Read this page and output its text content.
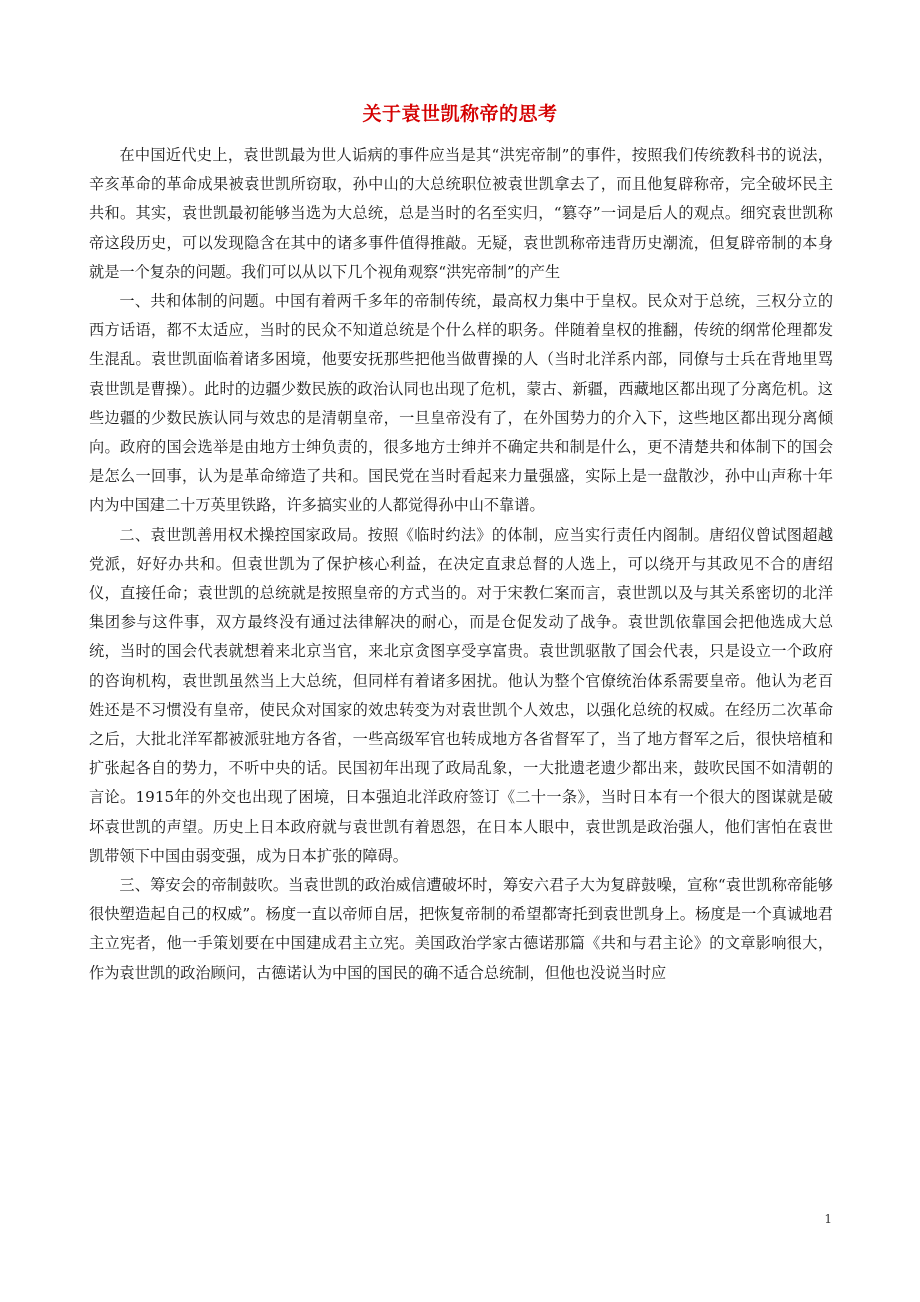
关于袁世凯称帝的思考

在中国近代史上，袁世凯最为世人诟病的事件应当是其“洪宪帝制”的事件，按照我们传统教科书的说法，辛亥革命的革命成果被袁世凯所窃取，孙中山的大总统职位被袁世凯拿去了，而且他复辟称帝，完全破坏民主共和。其实，袁世凯最初能够当选为大总统，总是当时的名至实归，“篡夺”一词是后人的观点。细究袁世凯称帝这段历史，可以发现隐含在其中的诸多事件值得推敲。无疑，袁世凯称帝违背历史潮流，但复辟帝制的本身就是一个复杂的问题。我们可以从以下几个视角观察“洪宪帝制”的产生

一、共和体制的问题。中国有着两千多年的帝制传统，最高权力集中于皇权。民众对于总统，三权分立的西方话语，都不太适应，当时的民众不知道总统是个什么样的职务。伴随着皇权的推翻，传统的纲常伦理都发生混乱。袁世凯面临着诸多困境，他要安抚那些把他当做曹操的人（当时北洋系内部，同僚与士兵在背地里骂袁世凯是曹操）。此时的边疆少数民族的政治认同也出现了危机，蒙古、新疆，西藏地区都出现了分离危机。这些边疆的少数民族认同与效忠的是清朝皇帝，一旦皇帝没有了，在外国势力的介入下，这些地区都出现分离倾向。政府的国会选举是由地方士绅负责的，很多地方士绅并不确定共和制是什么，更不清楚共和体制下的国会是怎么一回事，认为是革命缔造了共和。国民党在当时看起来力量强盛，实际上是一盘散沙，孙中山声称十年内为中国建二十万英里铁路，许多搞实业的人都觉得孙中山不靠谱。

二、袁世凯善用权术操控国家政局。按照《临时约法》的体制，应当实行责任内阁制。唐绍仪曾试图超越党派，好好办共和。但袁世凯为了保护核心利益，在决定直隶总督的人选上，可以绕开与其政见不合的唐绍仪，直接任命；袁世凯的总统就是按照皇帝的方式当的。对于宋教仁案而言，袁世凯以及与其关系密切的北洋集团参与这件事，双方最终没有通过法律解决的耐心，而是仓促发动了战争。袁世凯依靠国会把他选成大总统，当时的国会代表就想着来北京当官，来北京贪图享受享富贵。袁世凯驱散了国会代表，只是设立一个政府的咨询机构，袁世凯虽然当上大总统，但同样有着诸多困扰。他认为整个官僚统治体系需要皇帝。他认为老百姓还是不习惯没有皇帝，使民众对国家的效忠转变为对袁世凯个人效忠，以强化总统的权威。在经历二次革命之后，大批北洋军都被派驻地方各省，一些高级军官也转成地方各省督军了，当了地方督军之后，很快培植和扩张起各自的势力，不听中央的话。民国初年出现了政局乱象，一大批遗老遗少都出来，鼓吹民国不如清朝的言论。1915年的外交也出现了困境，日本强迫北洋政府签订《二十一条》，当时日本有一个很大的图谋就是破坏袁世凯的声望。历史上日本政府就与袁世凯有着恩怨，在日本人眼中，袁世凯是政治强人，他们害怕在袁世凯带领下中国由弱变强，成为日本扩张的障碍。

三、筹安会的帝制鼓吹。当袁世凯的政治威信遭破坏时，筹安六君子大为复辟鼓噪，宣称“袁世凯称帝能够很快塑造起自己的权威”。杨度一直以帝师自居，把恢复帝制的希望都寄托到袁世凯身上。杨度是一个真诚地君主立宪者，他一手策划要在中国建成君主立宪。美国政治学家古德诺那篇《共和与君主论》的文章影响很大，作为袁世凯的政治顾问，古德诺认为中国的国民的确不适合总统制，但他也没说当时应

1
